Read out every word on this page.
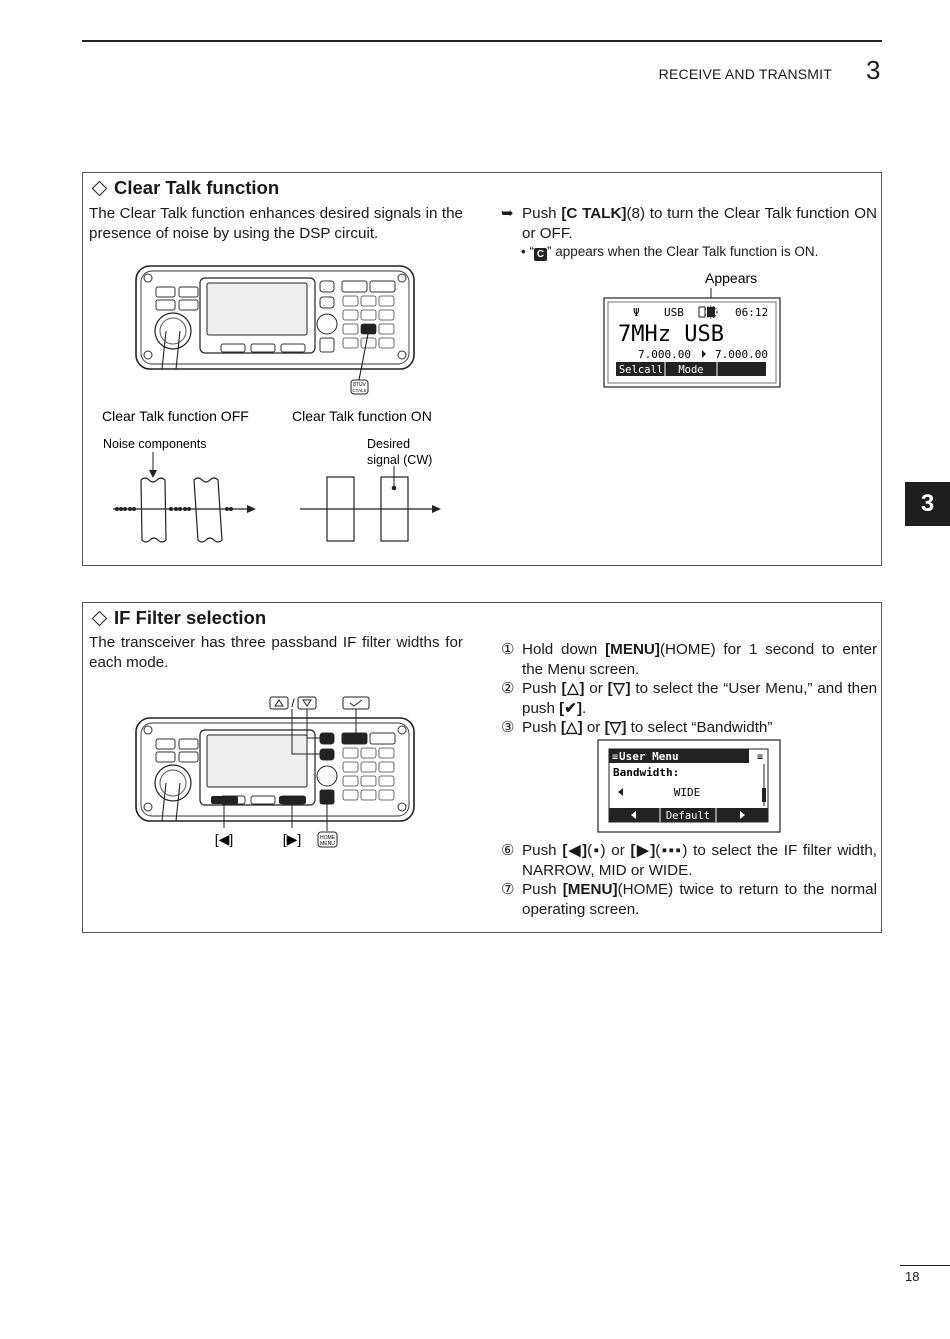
RECEIVE AND TRANSMIT 3
3
Clear Talk function
The Clear Talk function enhances desired signals in the presence of noise by using the DSP circuit.
➥ Push [C TALK](8) to turn the Clear Talk function ON or OFF.
• “ C ” appears when the Clear Talk function is ON.
IF Filter selection
The transceiver has three passband IF filter widths for each mode.
① Hold down [MENU](HOME) for 1 second to enter the Menu screen.
② Push [△] or [▽] to select the “User Menu,” and then push [✔].
③ Push [△] or [▽] to select “Bandwidth”
⑥ Push [◀](▪) or [▶](▪▪▪) to select the IF filter width, NARROW, MID or WIDE.
⑦ Push [MENU](HOME) twice to return to the normal operating screen.
8TUV
CTALK
Appears
Ψ USB	06:12
7MHz USB
7.000.00 7.000.00
Selcall Mode
Clear Talk function OFF	Clear Talk function ON
Noise components	Desired
signal (CW)
/
[◀]	[▶]	HOME
MENU
≡ User Menu	≡
Bandwidth:
WIDE
Default
18
